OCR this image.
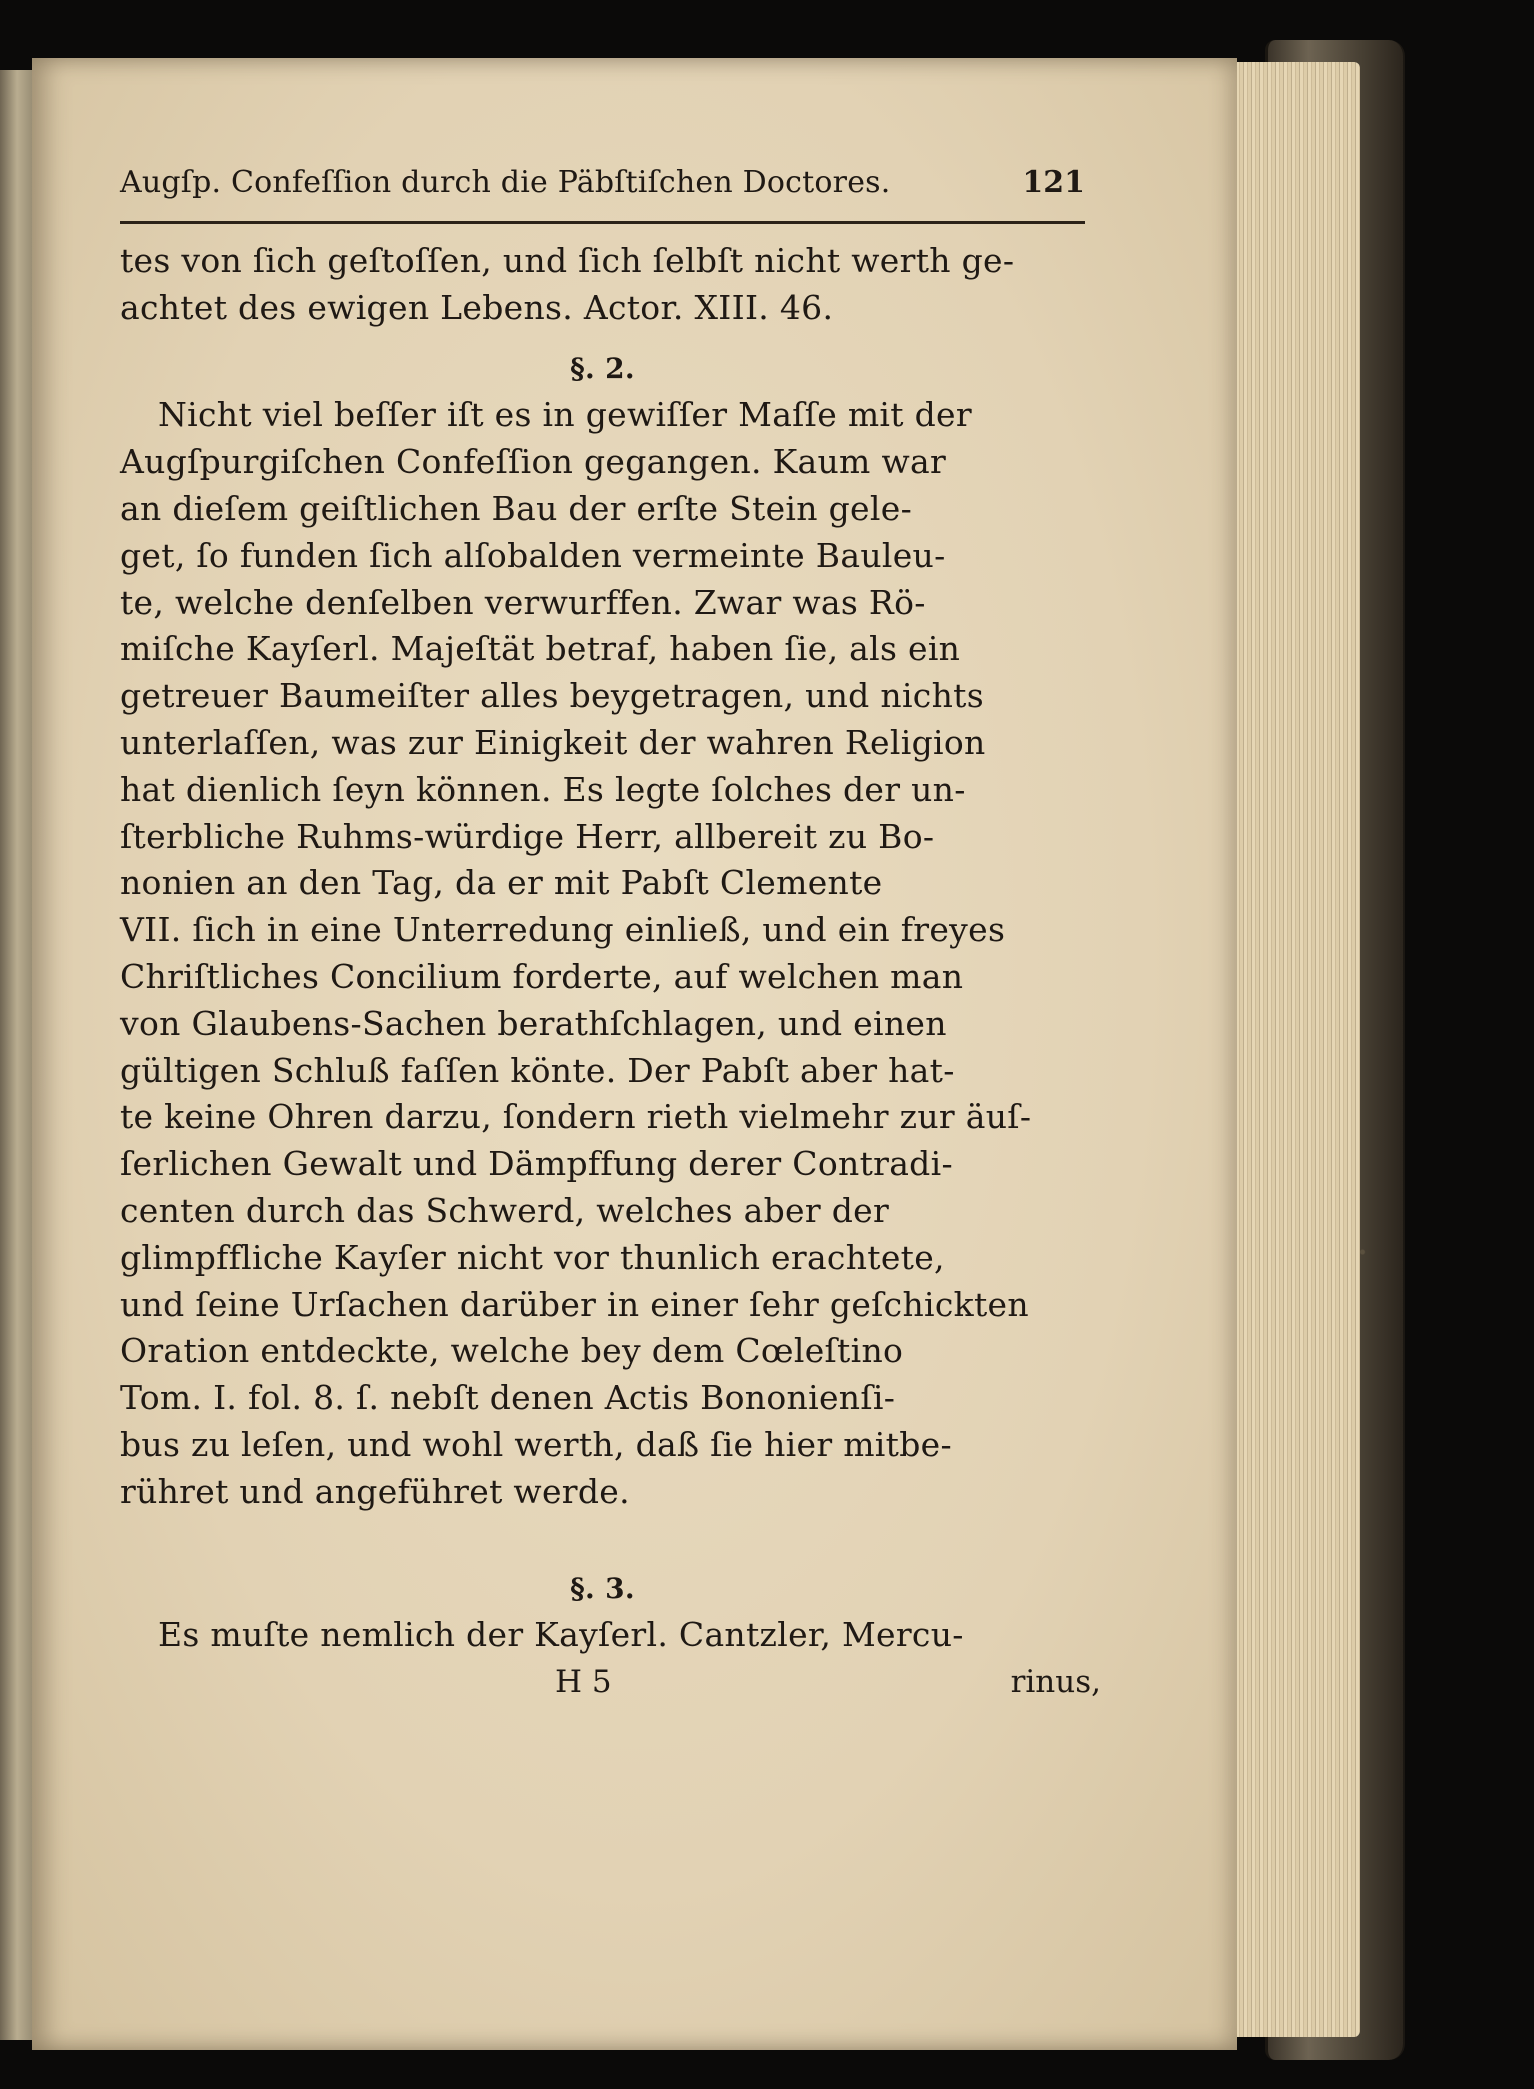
Augſp. Confeſſion durch die Päbſtiſchen Doctores.	121
tes von ſich geſtoſſen, und ſich ſelbſt nicht werth ge-
achtet des ewigen Lebens. Actor. XIII. 46.
§. 2.
Nicht viel beſſer iſt es in gewiſſer Maſſe mit der
Augſpurgiſchen Confeſſion gegangen. Kaum war
an dieſem geiſtlichen Bau der erſte Stein gele-
get, ſo funden ſich alſobalden vermeinte Bauleu-
te, welche denſelben verwurffen. Zwar was Rö-
miſche Kayſerl. Majeſtät betraf, haben ſie, als ein
getreuer Baumeiſter alles beygetragen, und nichts
unterlaſſen, was zur Einigkeit der wahren Religion
hat dienlich ſeyn können. Es legte ſolches der un-
ſterbliche Ruhms-würdige Herr, allbereit zu Bo-
nonien an den Tag, da er mit Pabſt Clemente
VII. ſich in eine Unterredung einließ, und ein freyes
Chriſtliches Concilium forderte, auf welchen man
von Glaubens-Sachen berathſchlagen, und einen
gültigen Schluß faſſen könte. Der Pabſt aber hat-
te keine Ohren darzu, ſondern rieth vielmehr zur äuſ-
ſerlichen Gewalt und Dämpffung derer Contradi-
centen durch das Schwerd, welches aber der
glimpffliche Kayſer nicht vor thunlich erachtete,
und ſeine Urſachen darüber in einer ſehr geſchickten
Oration entdeckte, welche bey dem Cœleſtino
Tom. I. fol. 8. ſ. nebſt denen Actis Bononienſi-
bus zu leſen, und wohl werth, daß ſie hier mitbe-
rühret und angeführet werde.
§. 3.
Es muſte nemlich der Kayſerl. Cantzler, Mercu-
H 5	rinus,
